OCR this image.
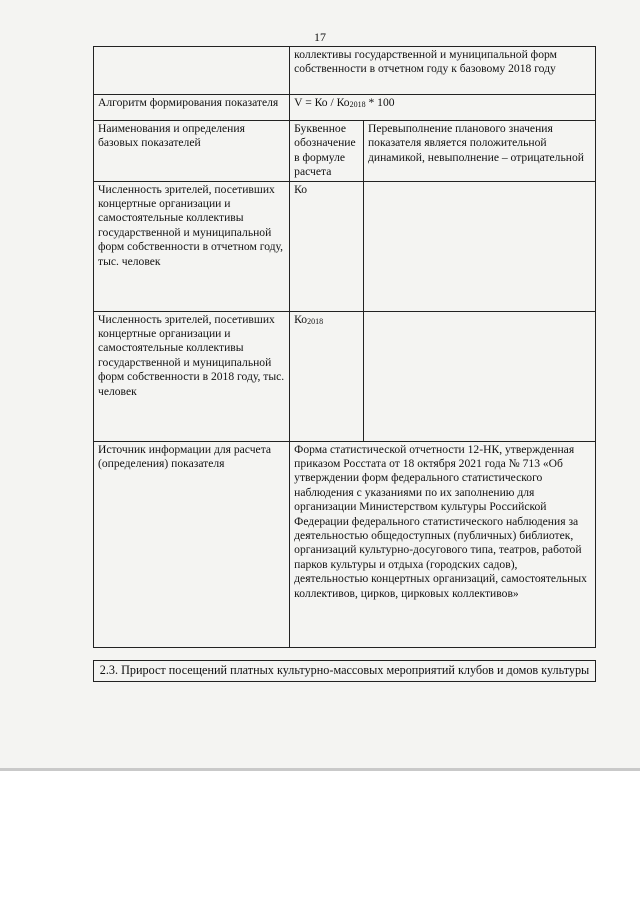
17
	коллективы государственной и муниципальной форм собственности в отчетном году к базовому 2018 году	
Алгоритм формирования показателя	V = Ко / $Ко_{2018} * 100$	
Наименования и определения базовых показателей	Буквенное обозначение в формуле расчета	Перевыполнение планового значения показателя является положительной динамикой, невыполнение – отрицательной
Численность зрителей, посетивших концертные организации и самостоятельные коллективы государственной и муниципальной форм собственности в отчетном году, тыс. человек	Ко	
Численность зрителей, посетивших концертные организации и самостоятельные коллективы государственной и муниципальной форм собственности в 2018 году, тыс. человек	$Ко_{2018}$	
Источник информации для расчета (определения) показателя	Форма статистической отчетности 12-НК, утвержденная приказом Росстата от 18 октября 2021 года № 713 «Об утверждении форм федерального статистического наблюдения с указаниями по их заполнению для организации Министерством культуры Российской Федерации федерального статистического наблюдения за деятельностью общедоступных (публичных) библиотек, организаций культурно-досугового типа, театров, работой парков культуры и отдыха (городских садов), деятельностью концертных организаций, самостоятельных коллективов, цирков, цирковых коллективов»	
2.3. Прирост посещений платных культурно-массовых мероприятий клубов и домов культуры
